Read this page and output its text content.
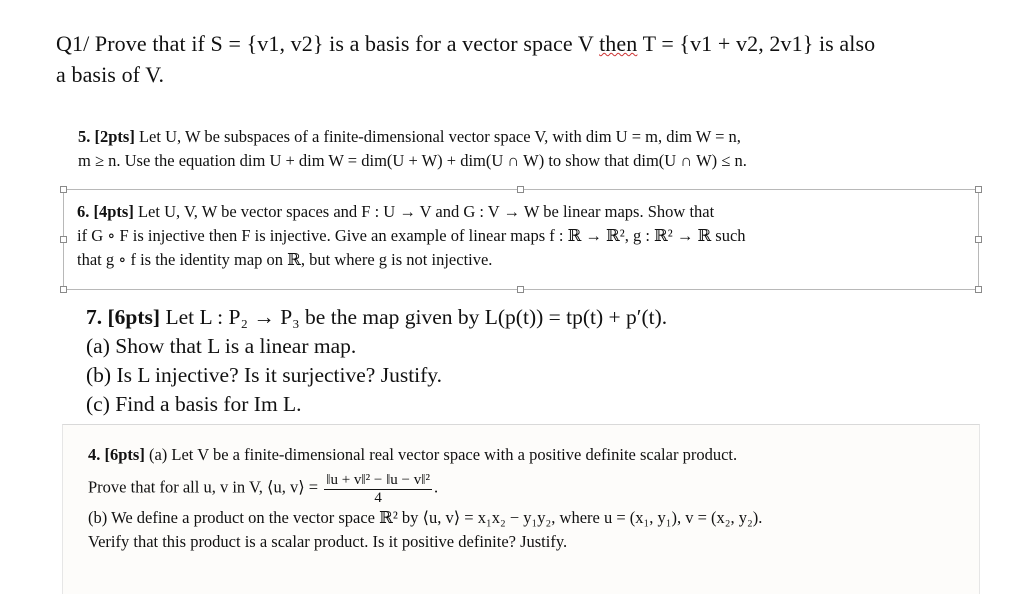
Q1/ Prove that if S = {v1, v2} is a basis for a vector space V then T = {v1 + v2, 2v1} is also
a basis of V.
5. [2pts] Let U, W be subspaces of a finite-dimensional vector space V, with dim U = m, dim W = n,
m ≥ n. Use the equation dim U + dim W = dim(U + W) + dim(U ∩ W) to show that dim(U ∩ W) ≤ n.
6. [4pts] Let U, V, W be vector spaces and F : U → V and G : V → W be linear maps. Show that
if G ∘ F is injective then F is injective. Give an example of linear maps f : ℝ → ℝ², g : ℝ² → ℝ such
that g ∘ f is the identity map on ℝ, but where g is not injective.
7. [6pts] Let L : P₂ → P₃ be the map given by L(p(t)) = tp(t) + p′(t).
(a) Show that L is a linear map.
(b) Is L injective? Is it surjective? Justify.
(c) Find a basis for Im L.
4. [6pts] (a) Let V be a finite-dimensional real vector space with a positive definite scalar product.
Prove that for all u, v in V, ⟨u, v⟩ = $\frac{\text{‖u + v‖² − ‖u − v‖²}}{4}$ .
(b) We define a product on the vector space ℝ² by ⟨u, v⟩ = x₁x₂ − y₁y₂, where u = (x₁, y₁), v = (x₂, y₂).
Verify that this product is a scalar product. Is it positive definite? Justify.
